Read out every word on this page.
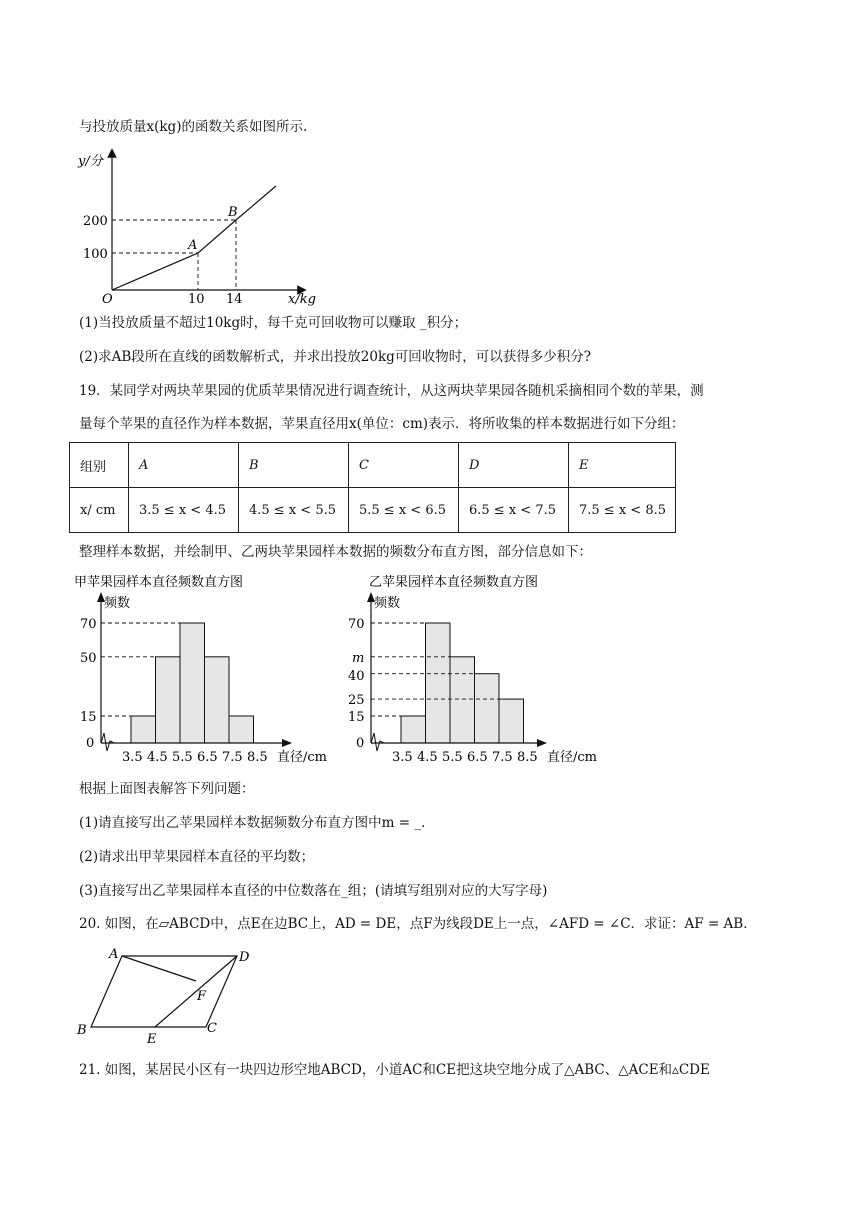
与投放质量x(kg)的函数关系如图所示.
y/分
x/kg
O
200
100
10 14
A
B
(1)当投放质量不超过10kg时，每千克可回收物可以赚取 _积分；
(2)求AB段所在直线的函数解析式，并求出投放20kg可回收物时，可以获得多少积分?
19．某同学对两块苹果园的优质苹果情况进行调查统计，从这两块苹果园各随机采摘相同个数的苹果，测
量每个苹果的直径作为样本数据，苹果直径用x(单位：cm)表示．将所收集的样本数据进行如下分组：
组别	A	B	C	D	E
x/ cm	3.5 ≤ x < 4.5	4.5 ≤ x < 5.5	5.5 ≤ x < 6.5	6.5 ≤ x < 7.5	7.5 ≤ x < 8.5
整理样本数据，并绘制甲、乙两块苹果园样本数据的频数分布直方图，部分信息如下：
甲苹果园样本直径频数直方图
频数
70
50
15
0
3.5 4.5 5.5 6.5 7.5 8.5 直径/cm
乙苹果园样本直径频数直方图
频数
70
m
40
25
15
0
3.5 4.5 5.5 6.5 7.5 8.5 直径/cm
根据上面图表解答下列问题：
(1)请直接写出乙苹果园样本数据频数分布直方图中m = _.
(2)请求出甲苹果园样本直径的平均数；
(3)直接写出乙苹果园样本直径的中位数落在_组；(请填写组别对应的大写字母)
20. 如图，在▱ABCD中，点E在边BC上，AD = DE，点F为线段DE上一点，∠AFD = ∠C．求证：AF = AB．
A	D
F
B
E
C
21. 如图，某居民小区有一块四边形空地ABCD，小道AC和CE把这块空地分成了△ABC、△ACE和▵CDE
